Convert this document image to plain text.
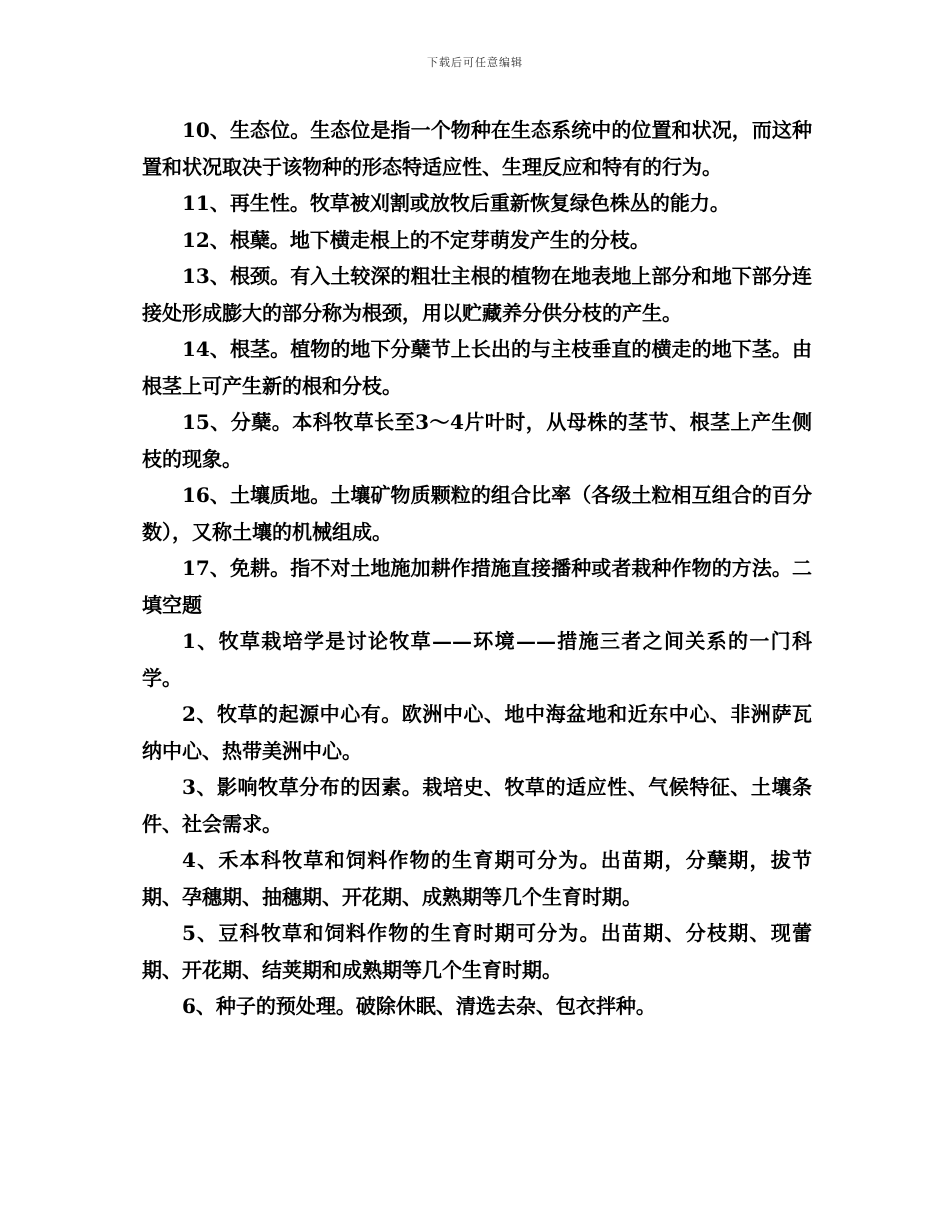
下载后可任意编辑

10、生态位。生态位是指一个物种在生态系统中的位置和状况，而这种置和状况取决于该物种的形态特适应性、生理反应和特有的行为。

11、再生性。牧草被刈割或放牧后重新恢复绿色株丛的能力。

12、根蘖。地下横走根上的不定芽萌发产生的分枝。

13、根颈。有入土较深的粗壮主根的植物在地表地上部分和地下部分连接处形成膨大的部分称为根颈，用以贮藏养分供分枝的产生。

14、根茎。植物的地下分蘖节上长出的与主枝垂直的横走的地下茎。由根茎上可产生新的根和分枝。

15、分蘖。本科牧草长至3～4片叶时，从母株的茎节、根茎上产生侧枝的现象。

16、土壤质地。土壤矿物质颗粒的组合比率（各级土粒相互组合的百分数），又称土壤的机械组成。

17、免耕。指不对土地施加耕作措施直接播种或者栽种作物的方法。二填空题

1、牧草栽培学是讨论牧草——环境——措施三者之间关系的一门科学。

2、牧草的起源中心有。欧洲中心、地中海盆地和近东中心、非洲萨瓦纳中心、热带美洲中心。

3、影响牧草分布的因素。栽培史、牧草的适应性、气候特征、土壤条件、社会需求。

4、禾本科牧草和饲料作物的生育期可分为。出苗期，分蘖期，拔节期、孕穗期、抽穗期、开花期、成熟期等几个生育时期。

5、豆科牧草和饲料作物的生育时期可分为。出苗期、分枝期、现蕾期、开花期、结荚期和成熟期等几个生育时期。

6、种子的预处理。破除休眠、清选去杂、包衣拌种。
